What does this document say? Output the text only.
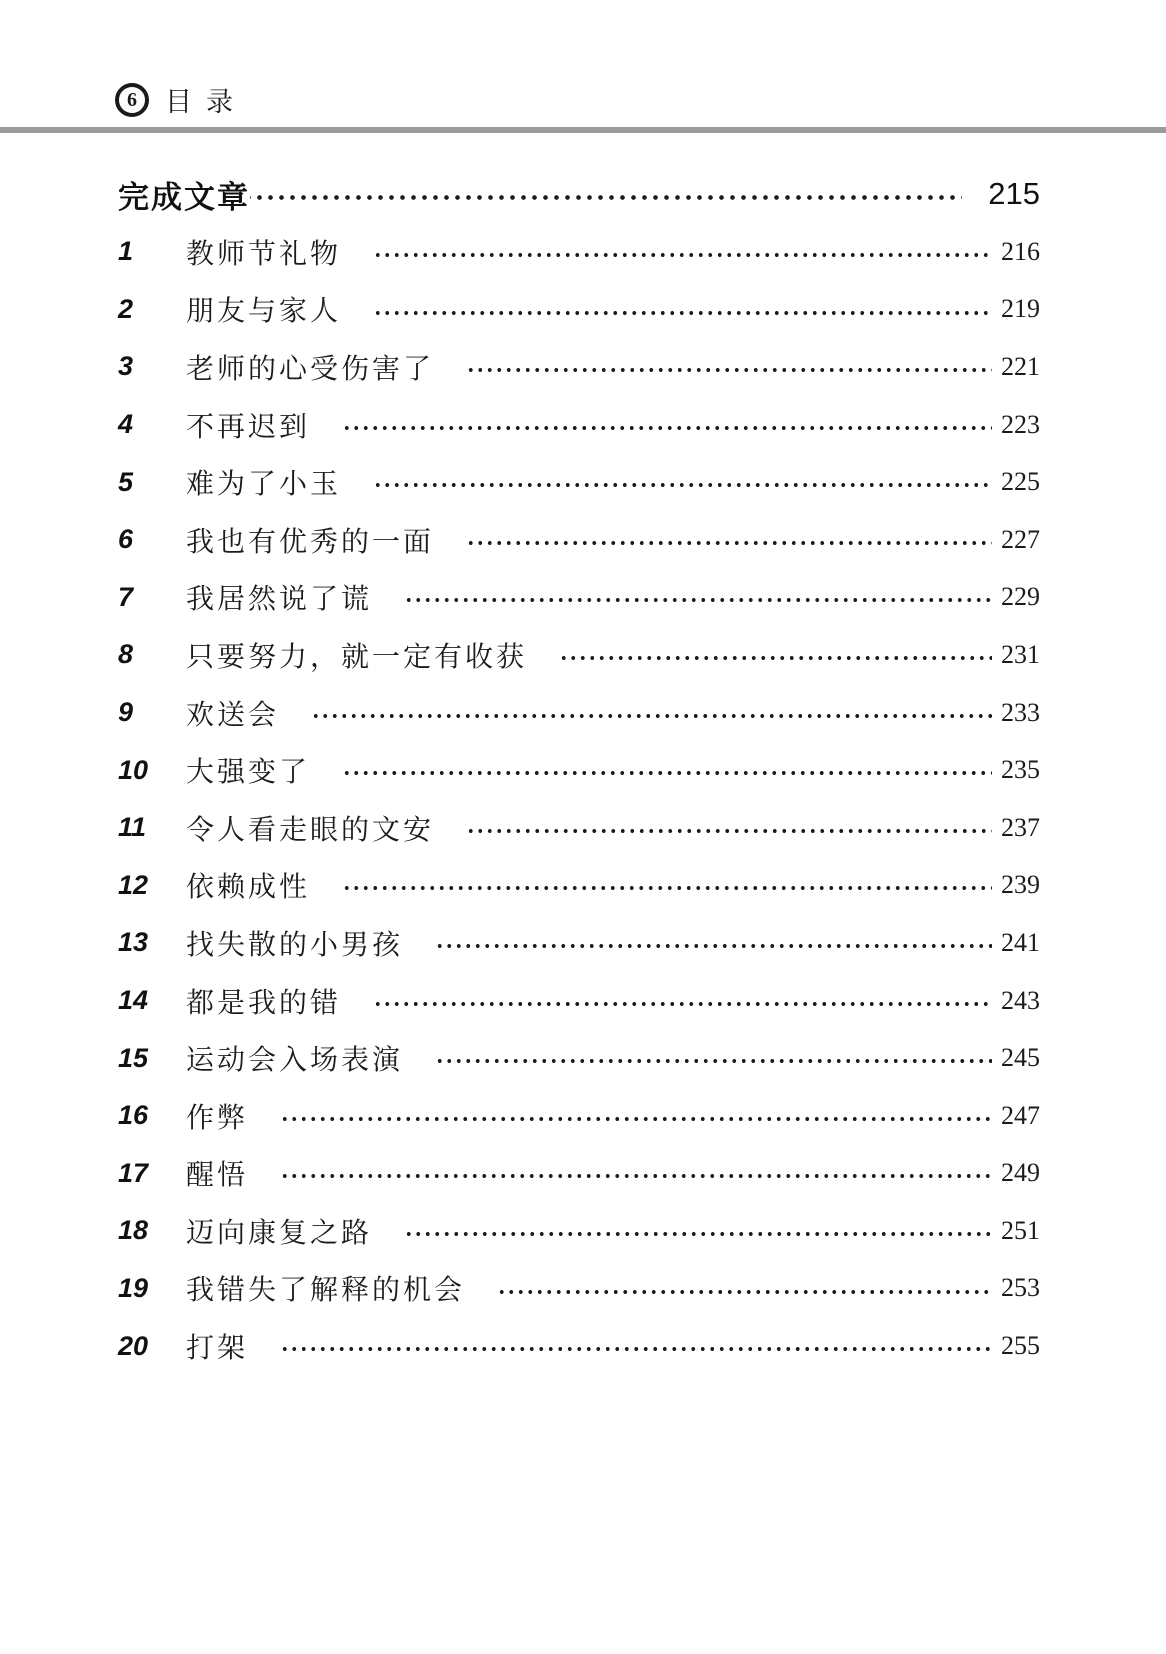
6	目录
完成文章	215
1	教师节礼物	216
2	朋友与家人	219
3	老师的心受伤害了	221
4	不再迟到	223
5	难为了小玉	225
6	我也有优秀的一面	227
7	我居然说了谎	229
8	只要努力，就一定有收获	231
9	欢送会	233
10	大强变了	235
11	令人看走眼的文安	237
12	依赖成性	239
13	找失散的小男孩	241
14	都是我的错	243
15	运动会入场表演	245
16	作弊	247
17	醒悟	249
18	迈向康复之路	251
19	我错失了解释的机会	253
20	打架	255
